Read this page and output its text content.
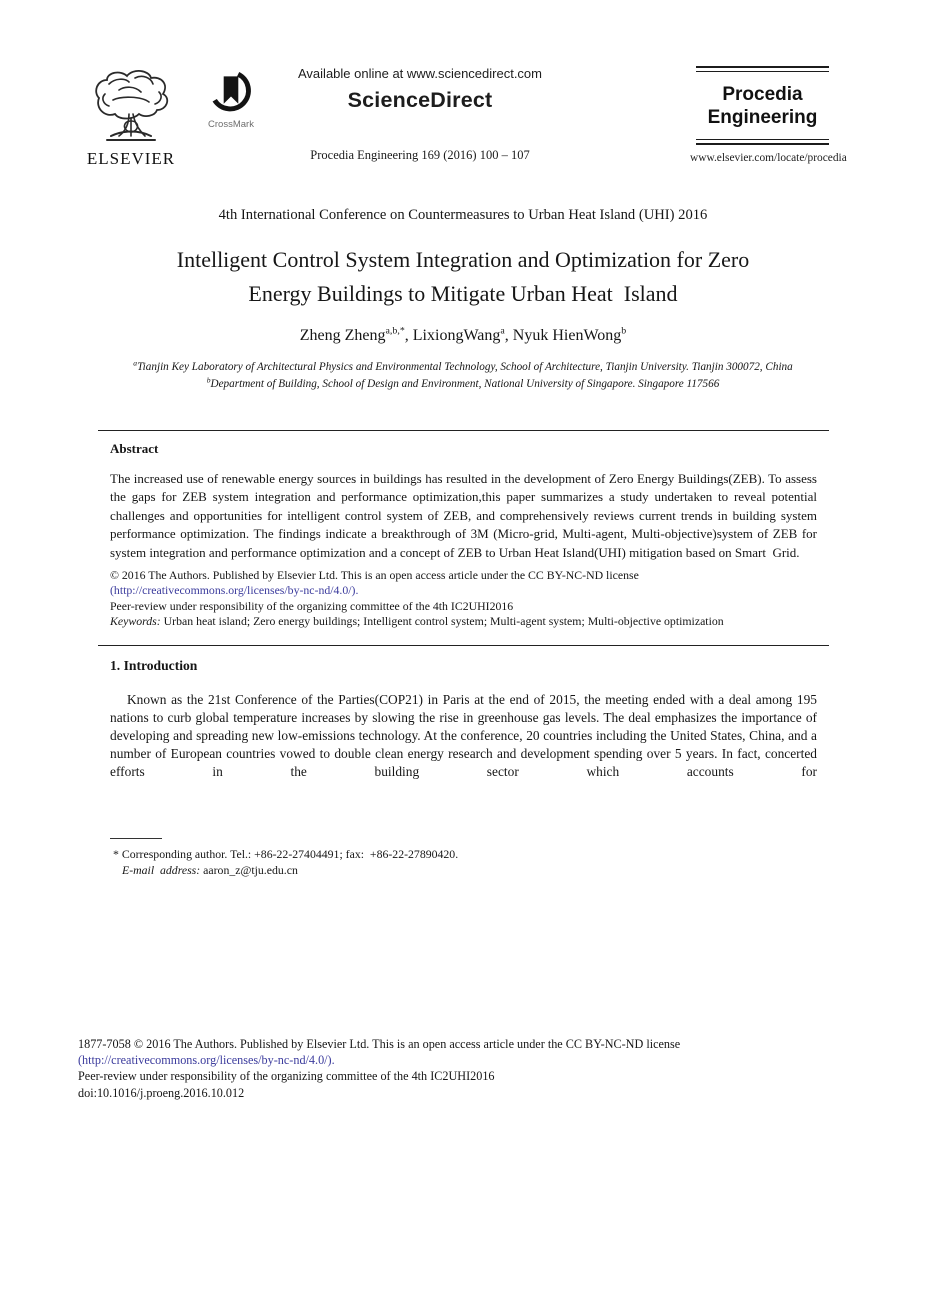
ELSEVIER
CrossMark
Available online at www.sciencedirect.com
ScienceDirect
Procedia Engineering 169 (2016) 100 – 107
Procedia
Engineering
www.elsevier.com/locate/procedia
4th International Conference on Countermeasures to Urban Heat Island (UHI) 2016
Intelligent Control System Integration and Optimization for Zero
Energy Buildings to Mitigate Urban Heat  Island
Zheng Zheng$^{a,b,*}$, LixiongWang$^a$, Nyuk HienWong$^b$
$^a$Tianjin Key Laboratory of Architectural Physics and Environmental Technology, School of Architecture, Tianjin University. Tianjin 300072, China
$^b$Department of Building, School of Design and Environment, National University of Singapore. Singapore 117566
Abstract
The increased use of renewable energy sources in buildings has resulted in the development of Zero Energy Buildings(ZEB). To assess the gaps for ZEB system integration and performance optimization,this paper summarizes a study undertaken to reveal potential challenges and opportunities for intelligent control system of ZEB, and comprehensively reviews current trends in building system performance optimization. The findings indicate a breakthrough of 3M (Micro-grid, Multi-agent, Multi-objective)system of ZEB for system integration and performance optimization and a concept of ZEB to Urban Heat Island(UHI) mitigation based on Smart  Grid.
© 2016 The Authors. Published by Elsevier Ltd. This is an open access article under the CC BY-NC-ND license
(http://creativecommons.org/licenses/by-nc-nd/4.0/).
Peer-review under responsibility of the organizing committee of the 4th IC2UHI2016
Keywords: Urban heat island; Zero energy buildings; Intelligent control system; Multi-agent system; Multi-objective optimization
1. Introduction
Known as the 21st Conference of the Parties(COP21) in Paris at the end of 2015, the meeting ended with a deal among 195 nations to curb global temperature increases by slowing the rise in greenhouse gas levels. The deal emphasizes the importance of developing and spreading new low-emissions technology. At the conference, 20 countries including the United States, China, and a number of European countries vowed to double clean energy research and development spending over 5 years. In fact, concerted efforts in the building sector which accounts for
* Corresponding author. Tel.: +86-22-27404491; fax:  +86-22-27890420.
E-mail  address: aaron_z@tju.edu.cn
1877-7058 © 2016 The Authors. Published by Elsevier Ltd. This is an open access article under the CC BY-NC-ND license
(http://creativecommons.org/licenses/by-nc-nd/4.0/).
Peer-review under responsibility of the organizing committee of the 4th IC2UHI2016
doi:10.1016/j.proeng.2016.10.012
